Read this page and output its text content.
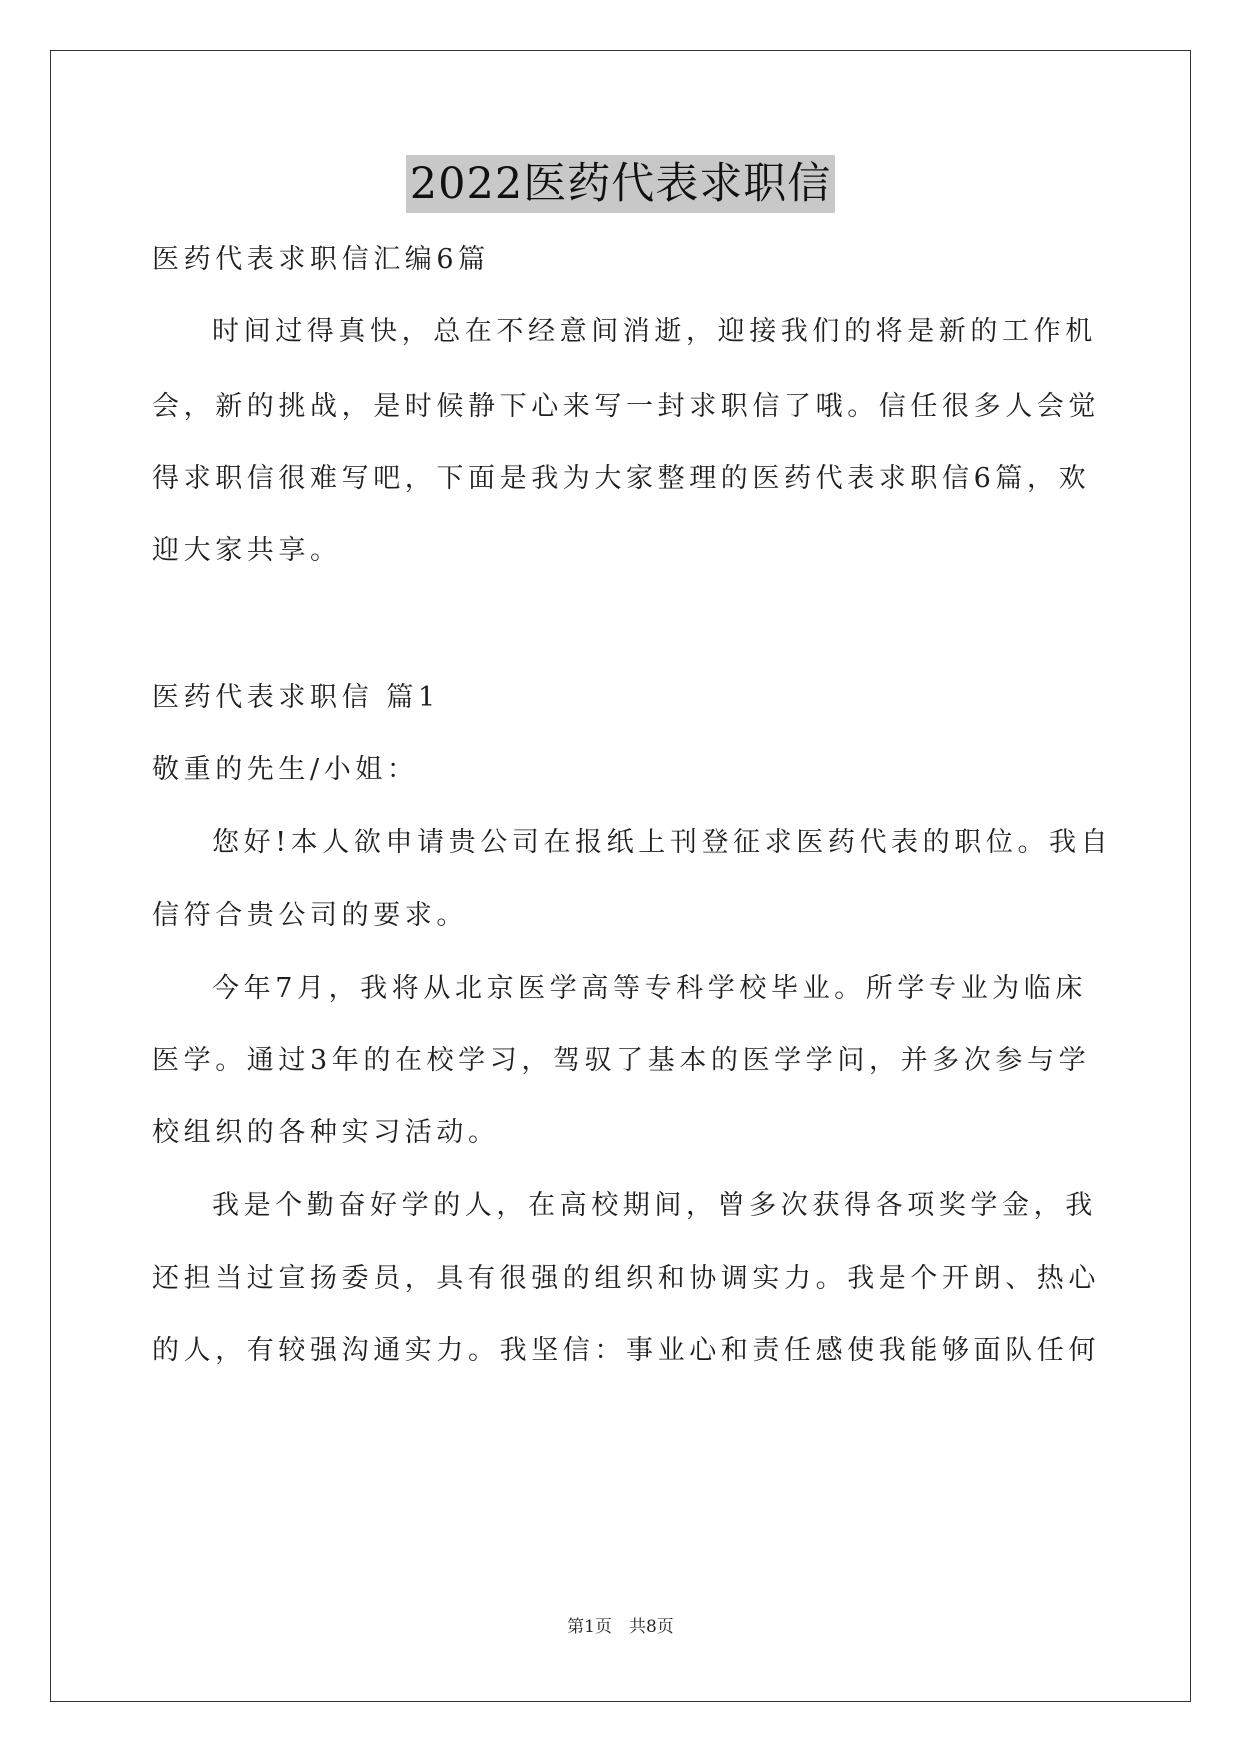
2022医药代表求职信
医药代表求职信汇编6篇
时间过得真快，总在不经意间消逝，迎接我们的将是新的工作机
会，新的挑战，是时候静下心来写一封求职信了哦。信任很多人会觉
得求职信很难写吧，下面是我为大家整理的医药代表求职信6篇，欢
迎大家共享。
医药代表求职信 篇1
敬重的先生/小姐：
您好!本人欲申请贵公司在报纸上刊登征求医药代表的职位。我自
信符合贵公司的要求。
今年7月，我将从北京医学高等专科学校毕业。所学专业为临床
医学。通过3年的在校学习，驾驭了基本的医学学问，并多次参与学
校组织的各种实习活动。
我是个勤奋好学的人，在高校期间，曾多次获得各项奖学金，我
还担当过宣扬委员，具有很强的组织和协调实力。我是个开朗、热心
的人，有较强沟通实力。我坚信：事业心和责任感使我能够面队任何
第1页　共8页
